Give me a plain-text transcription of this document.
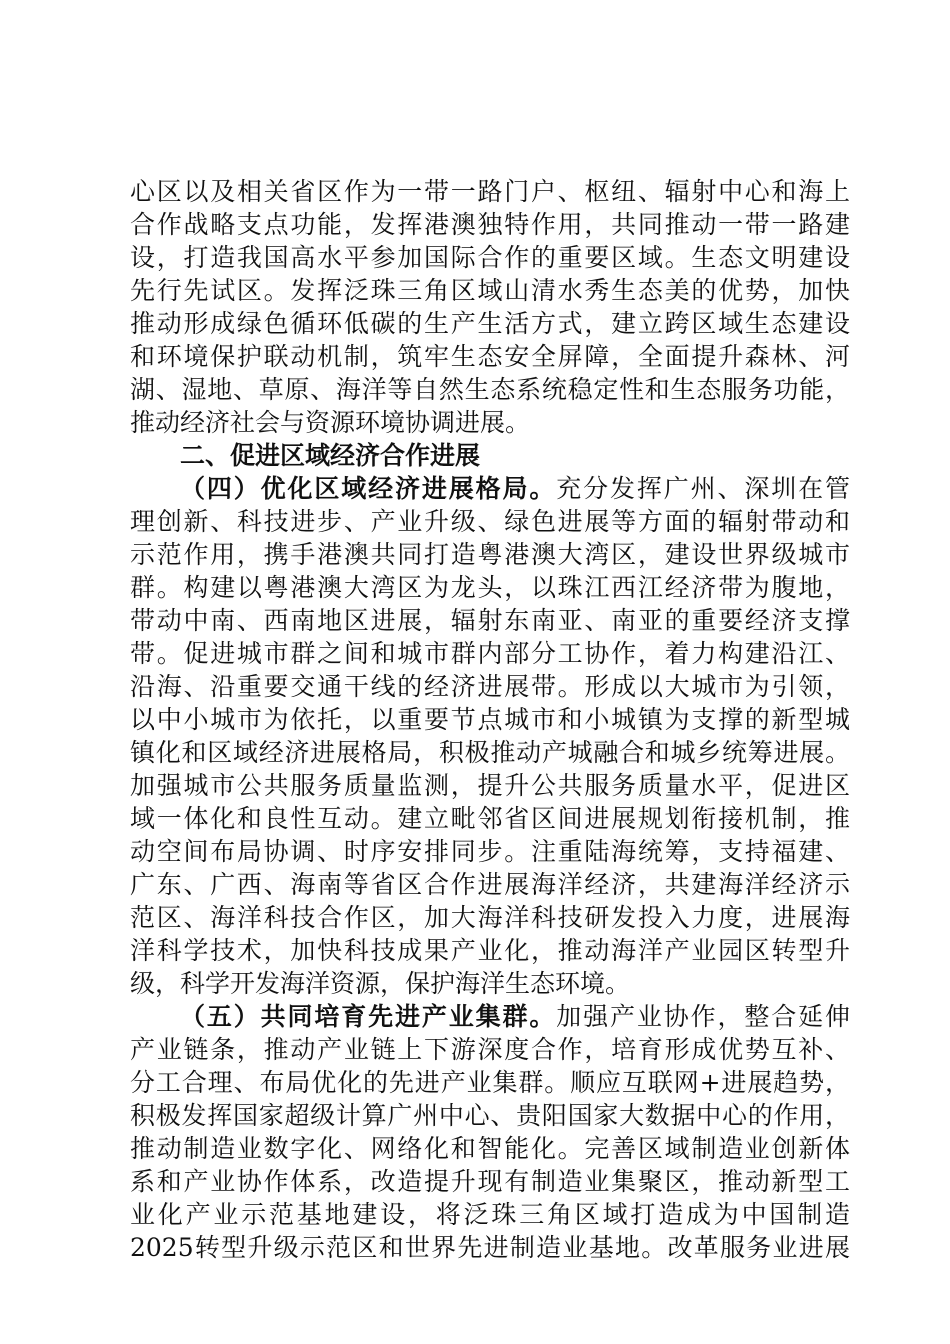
心区以及相关省区作为一带一路门户、枢纽、辐射中心和海上
合作战略支点功能，发挥港澳独特作用，共同推动一带一路建
设，打造我国高水平参加国际合作的重要区域。生态文明建设
先行先试区。发挥泛珠三角区域山清水秀生态美的优势，加快
推动形成绿色循环低碳的生产生活方式，建立跨区域生态建设
和环境保护联动机制，筑牢生态安全屏障，全面提升森林、河
湖、湿地、草原、海洋等自然生态系统稳定性和生态服务功能，
推动经济社会与资源环境协调进展。
二、促进区域经济合作进展
（四）优化区域经济进展格局。充分发挥广州、深圳在管
理创新、科技进步、产业升级、绿色进展等方面的辐射带动和
示范作用，携手港澳共同打造粤港澳大湾区，建设世界级城市
群。构建以粤港澳大湾区为龙头，以珠江西江经济带为腹地，
带动中南、西南地区进展，辐射东南亚、南亚的重要经济支撑
带。促进城市群之间和城市群内部分工协作，着力构建沿江、
沿海、沿重要交通干线的经济进展带。形成以大城市为引领，
以中小城市为依托，以重要节点城市和小城镇为支撑的新型城
镇化和区域经济进展格局，积极推动产城融合和城乡统筹进展。
加强城市公共服务质量监测，提升公共服务质量水平，促进区
域一体化和良性互动。建立毗邻省区间进展规划衔接机制，推
动空间布局协调、时序安排同步。注重陆海统筹，支持福建、
广东、广西、海南等省区合作进展海洋经济，共建海洋经济示
范区、海洋科技合作区，加大海洋科技研发投入力度，进展海
洋科学技术，加快科技成果产业化，推动海洋产业园区转型升
级，科学开发海洋资源，保护海洋生态环境。
（五）共同培育先进产业集群。加强产业协作，整合延伸
产业链条，推动产业链上下游深度合作，培育形成优势互补、
分工合理、布局优化的先进产业集群。顺应互联网+进展趋势，
积极发挥国家超级计算广州中心、贵阳国家大数据中心的作用，
推动制造业数字化、网络化和智能化。完善区域制造业创新体
系和产业协作体系，改造提升现有制造业集聚区，推动新型工
业化产业示范基地建设，将泛珠三角区域打造成为中国制造
2025转型升级示范区和世界先进制造业基地。改革服务业进展
